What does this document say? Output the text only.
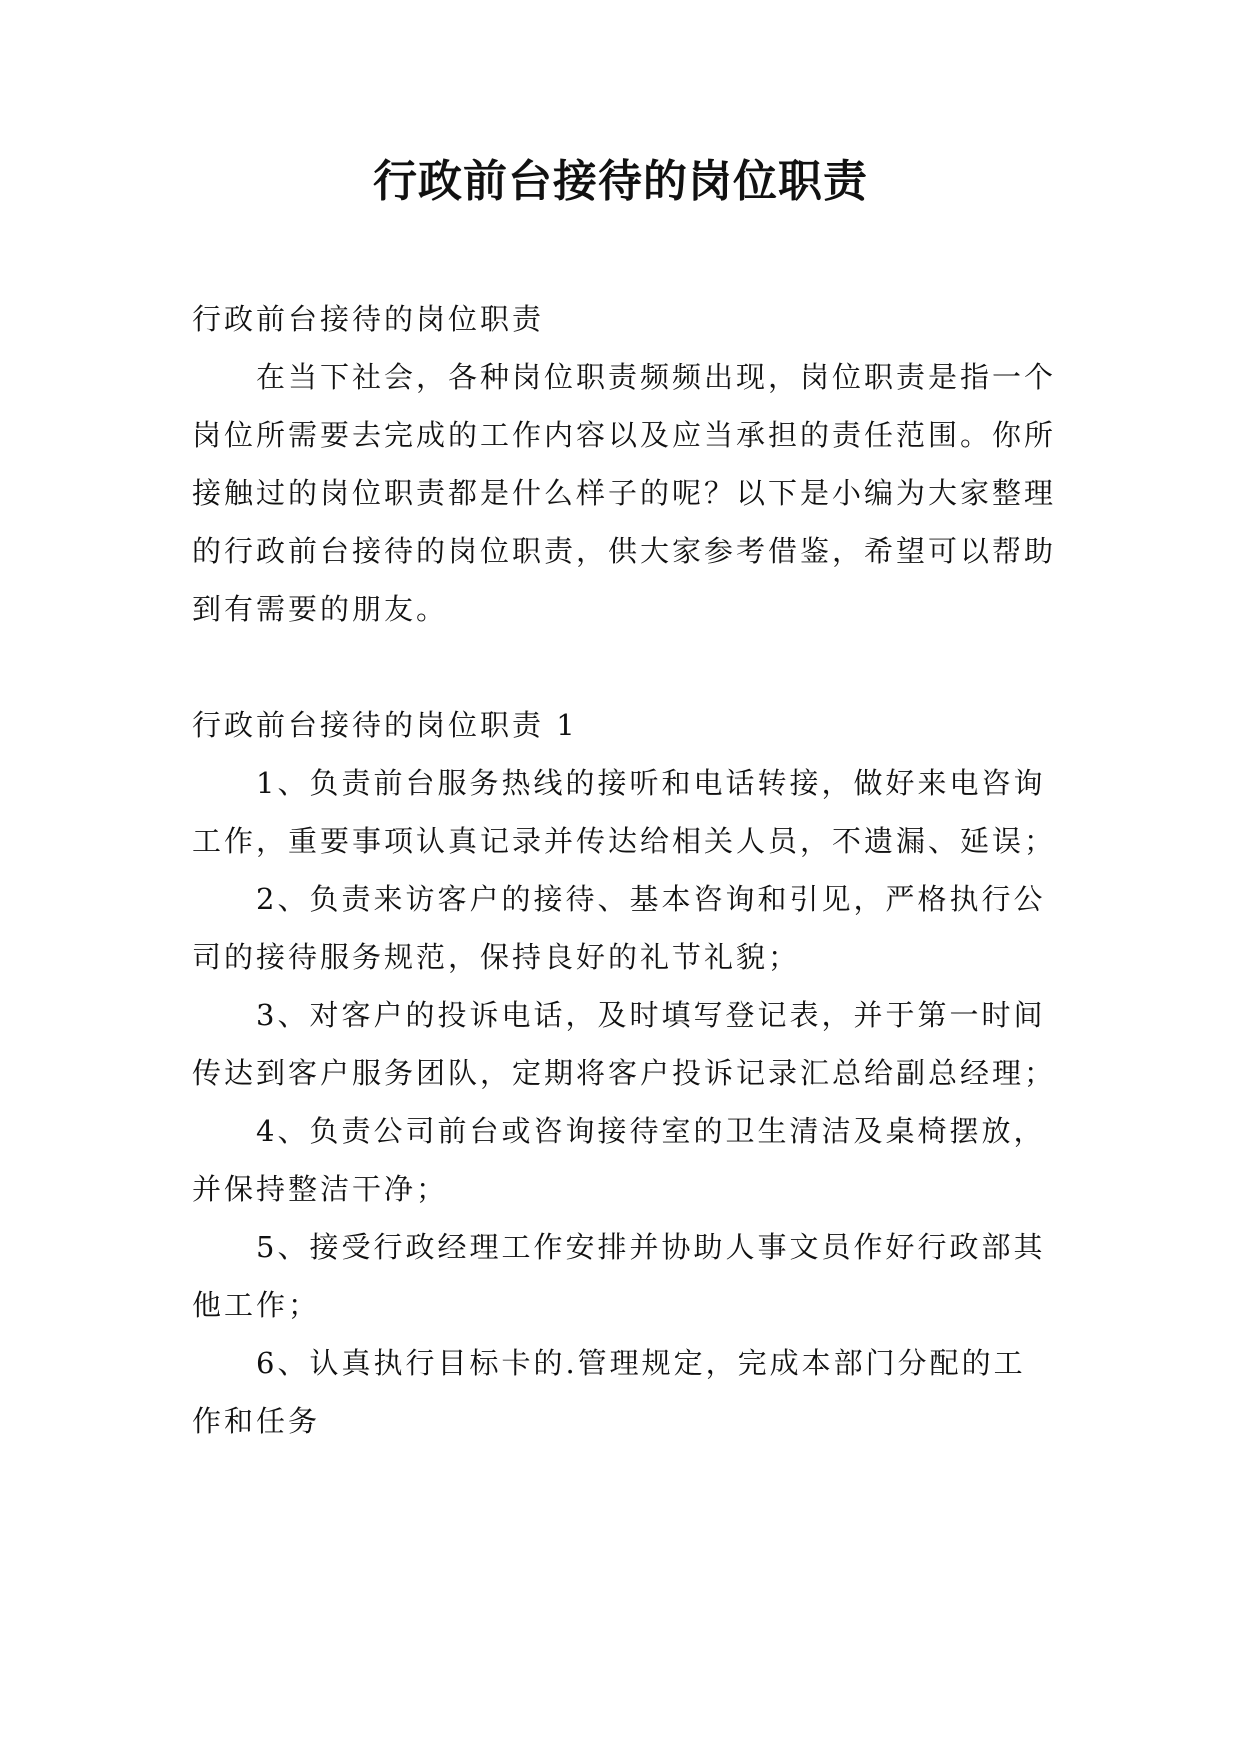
行政前台接待的岗位职责

行政前台接待的岗位职责

在当下社会，各种岗位职责频频出现，岗位职责是指一个岗位所需要去完成的工作内容以及应当承担的责任范围。你所接触过的岗位职责都是什么样子的呢？以下是小编为大家整理的行政前台接待的岗位职责，供大家参考借鉴，希望可以帮助到有需要的朋友。

行政前台接待的岗位职责 1

1、负责前台服务热线的接听和电话转接，做好来电咨询工作，重要事项认真记录并传达给相关人员，不遗漏、延误；

2、负责来访客户的接待、基本咨询和引见，严格执行公司的接待服务规范，保持良好的礼节礼貌；

3、对客户的投诉电话，及时填写登记表，并于第一时间传达到客户服务团队，定期将客户投诉记录汇总给副总经理；

4、负责公司前台或咨询接待室的卫生清洁及桌椅摆放，并保持整洁干净；

5、接受行政经理工作安排并协助人事文员作好行政部其他工作；

6、认真执行目标卡的.管理规定，完成本部门分配的工作和任务
